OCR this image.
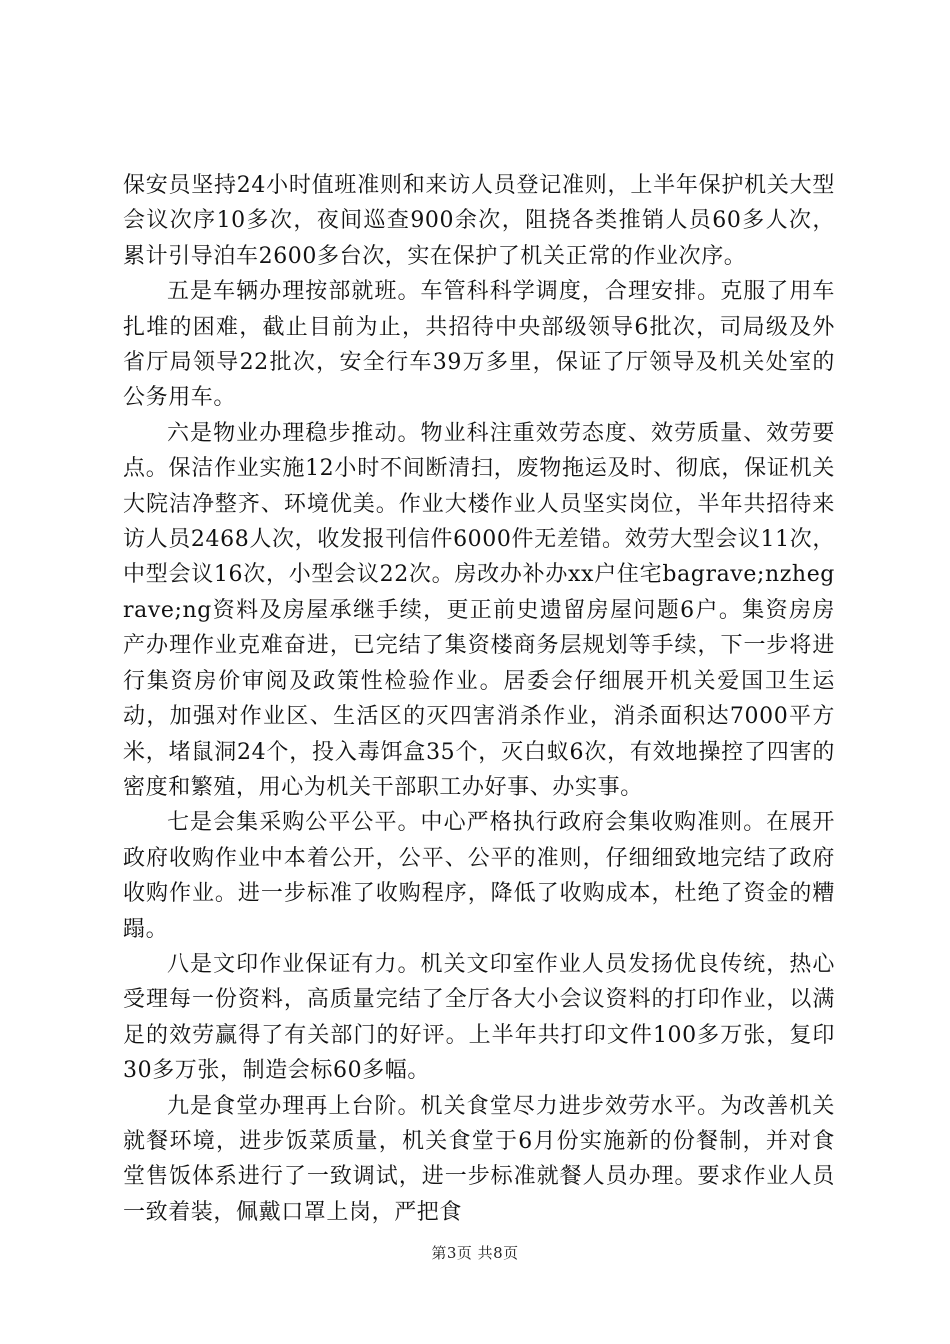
保安员坚持24小时值班准则和来访人员登记准则，上半年保护机关大型会议次序10多次，夜间巡查900余次，阻挠各类推销人员60多人次，累计引导泊车2600多台次，实在保护了机关正常的作业次序。

五是车辆办理按部就班。车管科科学调度，合理安排。克服了用车扎堆的困难，截止目前为止，共招待中央部级领导6批次，司局级及外省厅局领导22批次，安全行车39万多里，保证了厅领导及机关处室的公务用车。

六是物业办理稳步推动。物业科注重效劳态度、效劳质量、效劳要点。保洁作业实施12小时不间断清扫，废物拖运及时、彻底，保证机关大院洁净整齐、环境优美。作业大楼作业人员坚实岗位，半年共招待来访人员2468人次，收发报刊信件6000件无差错。效劳大型会议11次，中型会议16次，小型会议22次。房改办补办xx户住宅bagrave;nzhegrave;ng资料及房屋承继手续，更正前史遗留房屋问题6户。集资房房产办理作业克难奋进，已完结了集资楼商务层规划等手续，下一步将进行集资房价审阅及政策性检验作业。居委会仔细展开机关爱国卫生运动，加强对作业区、生活区的灭四害消杀作业，消杀面积达7000平方米，堵鼠洞24个，投入毒饵盒35个，灭白蚁6次，有效地操控了四害的密度和繁殖，用心为机关干部职工办好事、办实事。

七是会集采购公平公平。中心严格执行政府会集收购准则。在展开政府收购作业中本着公开，公平、公平的准则，仔细细致地完结了政府收购作业。进一步标准了收购程序，降低了收购成本，杜绝了资金的糟蹋。

八是文印作业保证有力。机关文印室作业人员发扬优良传统，热心受理每一份资料，高质量完结了全厅各大小会议资料的打印作业，以满足的效劳赢得了有关部门的好评。上半年共打印文件100多万张，复印30多万张，制造会标60多幅。

九是食堂办理再上台阶。机关食堂尽力进步效劳水平。为改善机关就餐环境，进步饭菜质量，机关食堂于6月份实施新的份餐制，并对食堂售饭体系进行了一致调试，进一步标准就餐人员办理。要求作业人员一致着装，佩戴口罩上岗，严把食

第3页 共8页
